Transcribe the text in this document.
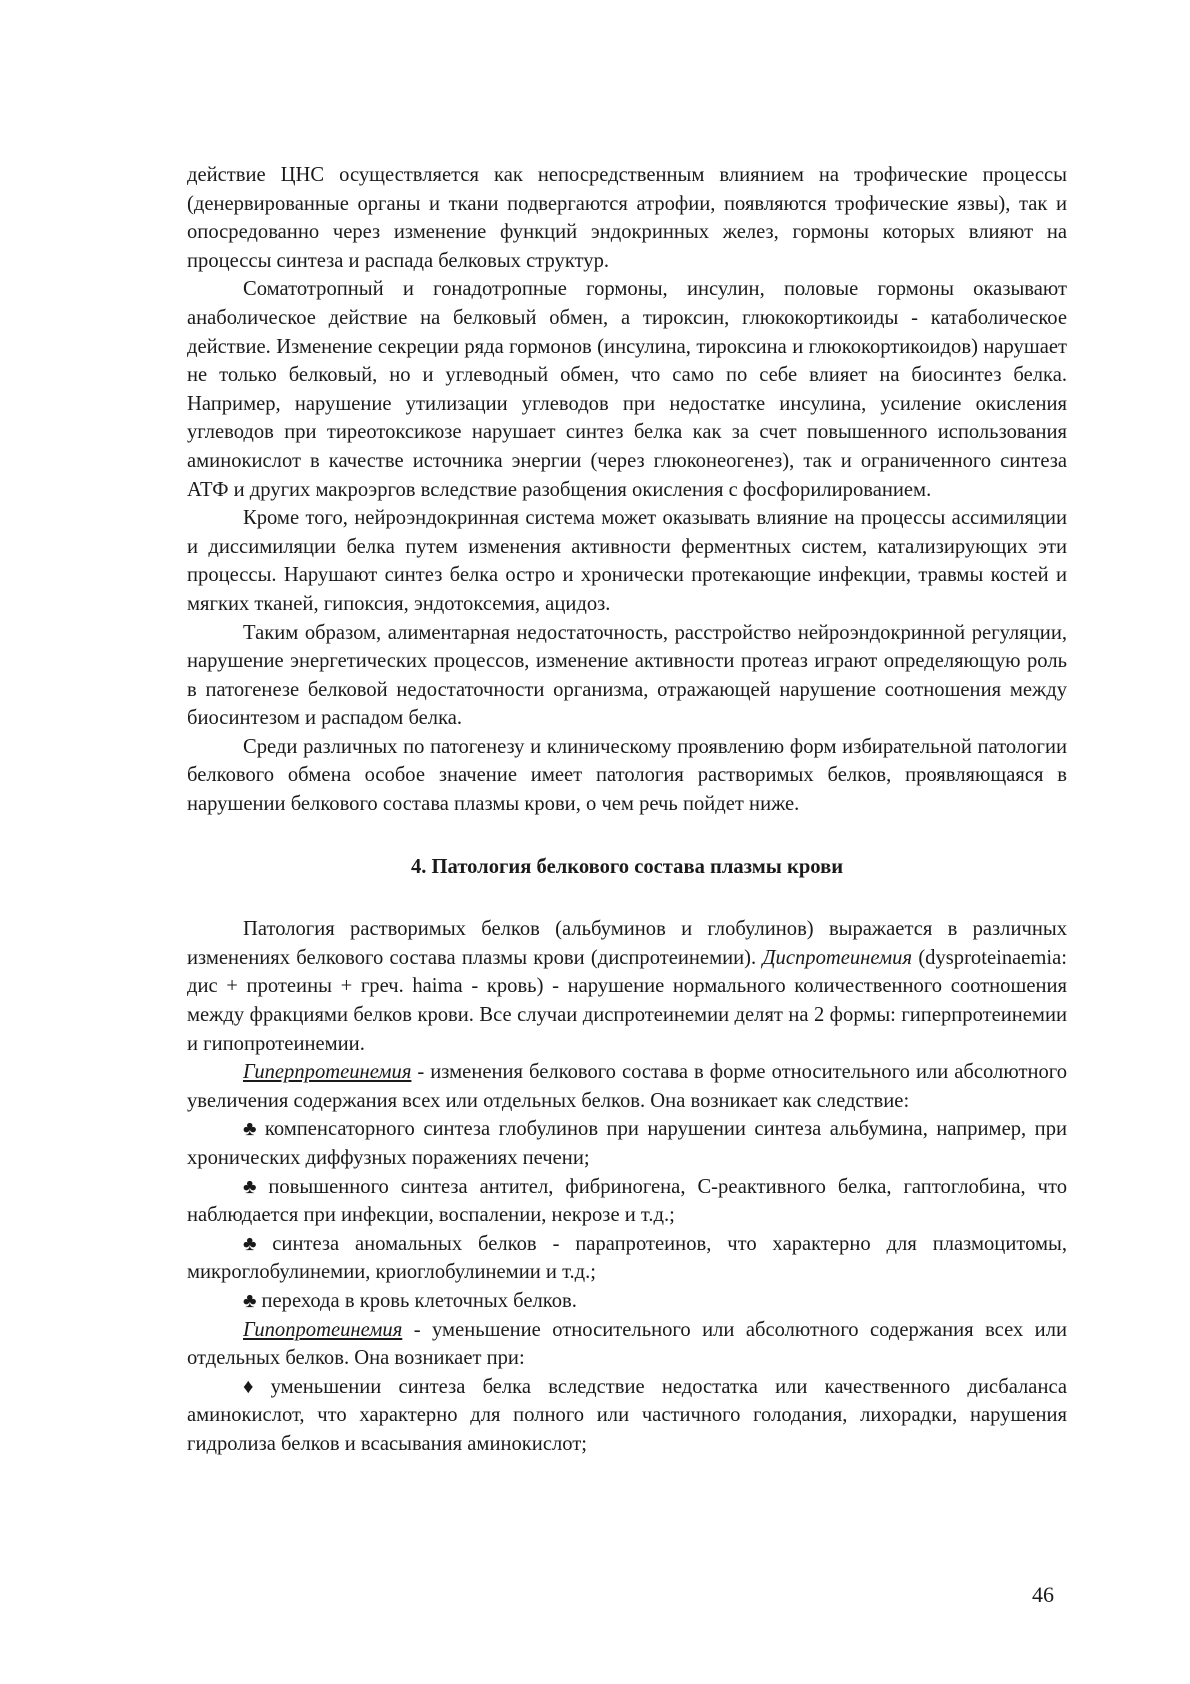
действие ЦНС осуществляется как непосредственным влиянием на трофические процессы (денервированные органы и ткани подвергаются атрофии, появляются трофические язвы), так и опосредованно через изменение функций эндокринных желез, гормоны которых влияют на процессы синтеза и распада белковых структур.

Соматотропный и гонадотропные гормоны, инсулин, половые гормоны оказывают анаболическое действие на белковый обмен, а тироксин, глюкокортикоиды - катаболическое действие. Изменение секреции ряда гормонов (инсулина, тироксина и глюкокортикоидов) нарушает не только белковый, но и углеводный обмен, что само по себе влияет на биосинтез белка. Например, нарушение утилизации углеводов при недостатке инсулина, усиление окисления углеводов при тиреотоксикозе нарушает синтез белка как за счет повышенного использования аминокислот в качестве источника энергии (через глюконеогенез), так и ограниченного синтеза АТФ и других макроэргов вследствие разобщения окисления с фосфорилированием.

Кроме того, нейроэндокринная система может оказывать влияние на процессы ассимиляции и диссимиляции белка путем изменения активности ферментных систем, катализирующих эти процессы. Нарушают синтез белка остро и хронически протекающие инфекции, травмы костей и мягких тканей, гипоксия, эндотоксемия, ацидоз.

Таким образом, алиментарная недостаточность, расстройство нейроэндокринной регуляции, нарушение энергетических процессов, изменение активности протеаз играют определяющую роль в патогенезе белковой недостаточности организма, отражающей нарушение соотношения между биосинтезом и распадом белка.

Среди различных по патогенезу и клиническому проявлению форм избирательной патологии белкового обмена особое значение имеет патология растворимых белков, проявляющаяся в нарушении белкового состава плазмы крови, о чем речь пойдет ниже.

4. Патология белкового состава плазмы крови

Патология растворимых белков (альбуминов и глобулинов) выражается в различных изменениях белкового состава плазмы крови (диспротеинемии). Диспротеинемия (dysproteinaemia: дис + протеины + греч. haima - кровь) - нарушение нормального количественного соотношения между фракциями белков крови. Все случаи диспротеинемии делят на 2 формы: гиперпротеинемии и гипопротеинемии.

Гиперпротеинемия - изменения белкового состава в форме относительного или абсолютного увеличения содержания всех или отдельных белков. Она возникает как следствие:

♣ компенсаторного синтеза глобулинов при нарушении синтеза альбумина, например, при хронических диффузных поражениях печени;

♣ повышенного синтеза антител, фибриногена, С-реактивного белка, гаптоглобина, что наблюдается при инфекции, воспалении, некрозе и т.д.;

♣ синтеза аномальных белков - парапротеинов, что характерно для плазмоцитомы, микроглобулинемии, криоглобулинемии и т.д.;

♣ перехода в кровь клеточных белков.

Гипопротеинемия - уменьшение относительного или абсолютного содержания всех или отдельных белков. Она возникает при:

♦ уменьшении синтеза белка вследствие недостатка или качественного дисбаланса аминокислот, что характерно для полного или частичного голодания, лихорадки, нарушения гидролиза белков и всасывания аминокислот;

46
